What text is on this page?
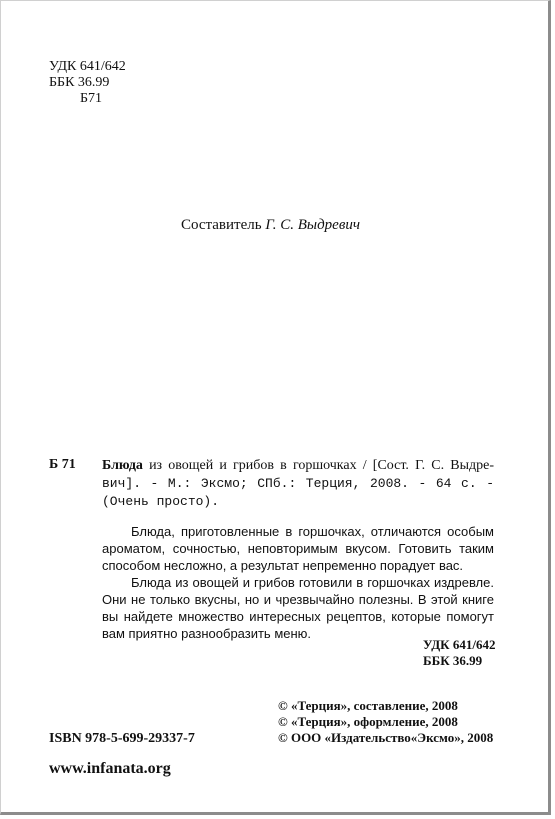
УДК 641/642
ББК 36.99
Б71
Составитель Г. С. Выдревич
Б 71 Блюда из овощей и грибов в горшочках / [Сост. Г. С. Выдре- вич]. - М.: Эксмо; СПб.: Терция, 2008. - 64 с. - (Очень просто).

Блюда, приготовленные в горшочках, отличаются особым ароматом, сочностью, неповторимым вкусом. Готовить таким способом несложно, а результат непременно порадует вас.

Блюда из овощей и грибов готовили в горшочках издревле. Они не только вкусны, но и чрезвычайно полезны. В этой книге вы найдете множество интересных рецептов, которые помогут вам приятно разнообразить меню.

УДК 641/642
ББК 36.99
© «Терция», составление, 2008
© «Терция», оформление, 2008
© ООО «Издательство«Эксмо», 2008
ISBN 978-5-699-29337-7
www.infanata.org
